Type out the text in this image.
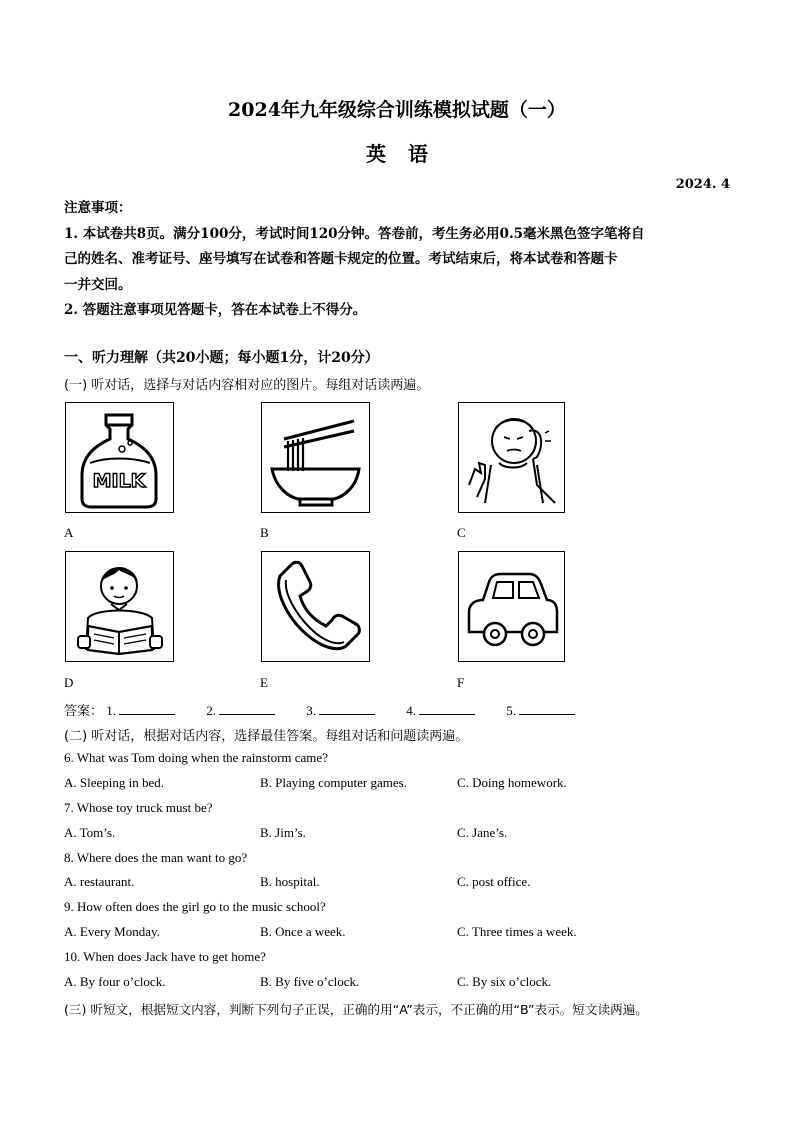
2024年九年级综合训练模拟试题（一）
英语
2024. 4

注意事项：

1. 本试卷共8页。满分100分，考试时间120分钟。答卷前，考生务必用0.5毫米黑色签字笔将自

己的姓名、准考证号、座号填写在试卷和答题卡规定的位置。考试结束后，将本试卷和答题卡

一并交回。

2. 答题注意事项见答题卡，答在本试卷上不得分。

一、听力理解（共20小题；每小题1分，计20分）
(一) 听对话，选择与对话内容相对应的图片。每组对话读两遍。
MILK
A	B	C
D	E	F
答案： 1.	2.	3.	4.	5.
(二) 听对话，根据对话内容，选择最佳答案。每组对话和问题读两遍。
6. What was Tom doing when the rainstorm came?
A. Sleeping in bed.	B. Playing computer games.	C. Doing homework.
7. Whose toy truck must be?
A. Tom’s.	B. Jim’s.	C. Jane’s.
8. Where does the man want to go?
A. restaurant.	B. hospital.	C. post office.
9. How often does the girl go to the music school?
A. Every Monday.	B. Once a week.	C. Three times a week.
10. When does Jack have to get home?
A. By four o’clock.	B. By five o’clock.	C. By six o’clock.
(三) 听短文，根据短文内容，判断下列句子正误，正确的用“A”表示，不正确的用“B”表示。短文读两遍。
